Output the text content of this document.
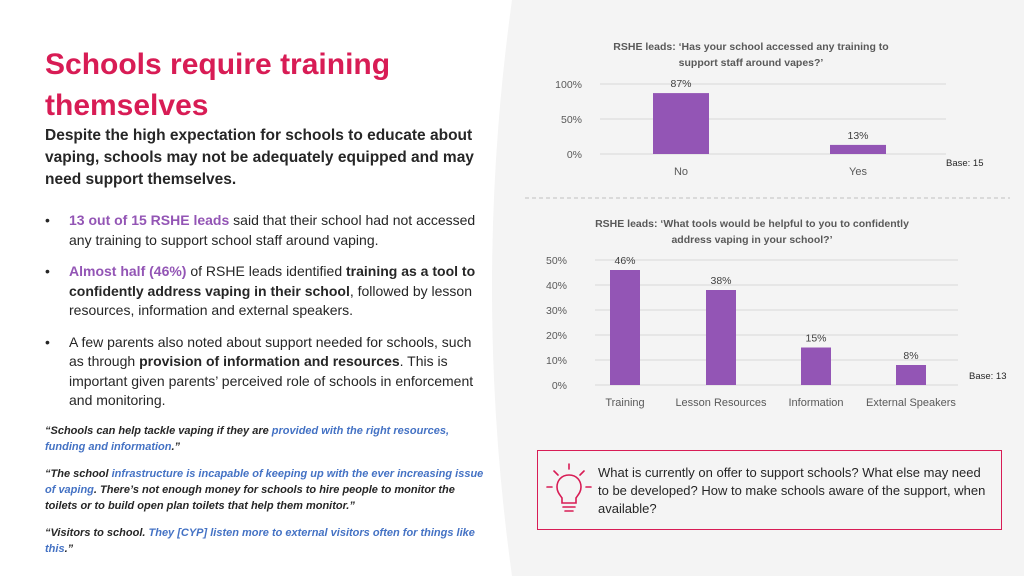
Schools require training themselves

Despite the high expectation for schools to educate about vaping, schools may not be adequately equipped and may need support themselves.

• 13 out of 15 RSHE leads said that their school had not accessed any training to support school staff around vaping.
• Almost half (46%) of RSHE leads identified training as a tool to confidently address vaping in their school, followed by lesson resources, information and external speakers.
• A few parents also noted about support needed for schools, such as through provision of information and resources. This is important given parents’ perceived role of schools in enforcement and monitoring.

“Schools can help tackle vaping if they are provided with the right resources, funding and information.”

“The school infrastructure is incapable of keeping up with the ever increasing issue of vaping. There’s not enough money for schools to hire people to monitor the toilets or to build open plan toilets that help them monitor.”

“Visitors to school. They [CYP] listen more to external visitors often for things like this.”

RSHE leads: ‘Has your school accessed any training to
support staff around vapes?’
0%
50%
100%	87%
No
13%
Yes
Base: 15
RSHE leads: ‘What tools would be helpful to you to confidently
address vaping in your school?’
0%
10%
20%
30%
40%
50%	46%
Training
38%
Lesson Resources
15%
Information
8%
External Speakers
Base: 13

What is currently on offer to support schools? What else may need to be developed? How to make schools aware of the support, when available?
